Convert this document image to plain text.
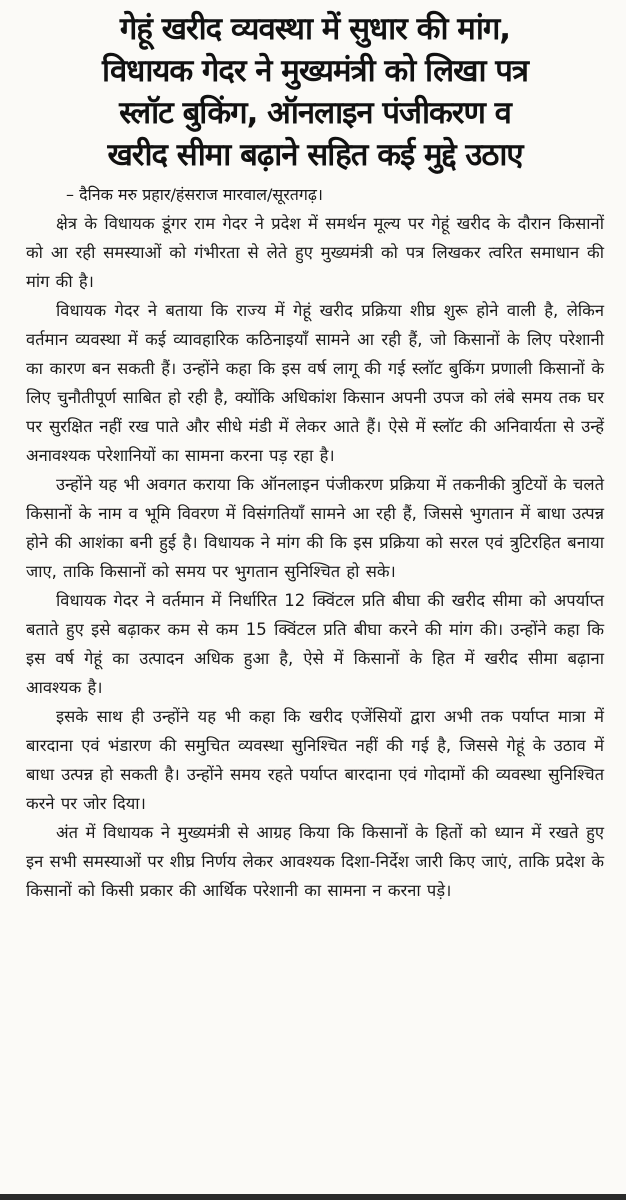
गेहूं खरीद व्यवस्था में सुधार की मांग,
विधायक गेदर ने मुख्यमंत्री को लिखा पत्र
स्लॉट बुकिंग, ऑनलाइन पंजीकरण व
खरीद सीमा बढ़ाने सहित कई मुद्दे उठाए
– दैनिक मरु प्रहार/हंसराज मारवाल/सूरतगढ़।

क्षेत्र के विधायक डूंगर राम गेदर ने प्रदेश में समर्थन मूल्य पर गेहूं खरीद के दौरान किसानों को आ रही समस्याओं को गंभीरता से लेते हुए मुख्यमंत्री को पत्र लिखकर त्वरित समाधान की मांग की है।

विधायक गेदर ने बताया कि राज्य में गेहूं खरीद प्रक्रिया शीघ्र शुरू होने वाली है, लेकिन वर्तमान व्यवस्था में कई व्यावहारिक कठिनाइयाँ सामने आ रही हैं, जो किसानों के लिए परेशानी का कारण बन सकती हैं। उन्होंने कहा कि इस वर्ष लागू की गई स्लॉट बुकिंग प्रणाली किसानों के लिए चुनौतीपूर्ण साबित हो रही है, क्योंकि अधिकांश किसान अपनी उपज को लंबे समय तक घर पर सुरक्षित नहीं रख पाते और सीधे मंडी में लेकर आते हैं। ऐसे में स्लॉट की अनिवार्यता से उन्हें अनावश्यक परेशानियों का सामना करना पड़ रहा है।

उन्होंने यह भी अवगत कराया कि ऑनलाइन पंजीकरण प्रक्रिया में तकनीकी त्रुटियों के चलते किसानों के नाम व भूमि विवरण में विसंगतियाँ सामने आ रही हैं, जिससे भुगतान में बाधा उत्पन्न होने की आशंका बनी हुई है। विधायक ने मांग की कि इस प्रक्रिया को सरल एवं त्रुटिरहित बनाया जाए, ताकि किसानों को समय पर भुगतान सुनिश्चित हो सके।

विधायक गेदर ने वर्तमान में निर्धारित 12 क्विंटल प्रति बीघा की खरीद सीमा को अपर्याप्त बताते हुए इसे बढ़ाकर कम से कम 15 क्विंटल प्रति बीघा करने की मांग की। उन्होंने कहा कि इस वर्ष गेहूं का उत्पादन अधिक हुआ है, ऐसे में किसानों के हित में खरीद सीमा बढ़ाना आवश्यक है।

इसके साथ ही उन्होंने यह भी कहा कि खरीद एजेंसियों द्वारा अभी तक पर्याप्त मात्रा में बारदाना एवं भंडारण की समुचित व्यवस्था सुनिश्चित नहीं की गई है, जिससे गेहूं के उठाव में बाधा उत्पन्न हो सकती है। उन्होंने समय रहते पर्याप्त बारदाना एवं गोदामों की व्यवस्था सुनिश्चित करने पर जोर दिया।

अंत में विधायक ने मुख्यमंत्री से आग्रह किया कि किसानों के हितों को ध्यान में रखते हुए इन सभी समस्याओं पर शीघ्र निर्णय लेकर आवश्यक दिशा-निर्देश जारी किए जाएं, ताकि प्रदेश के किसानों को किसी प्रकार की आर्थिक परेशानी का सामना न करना पड़े।
